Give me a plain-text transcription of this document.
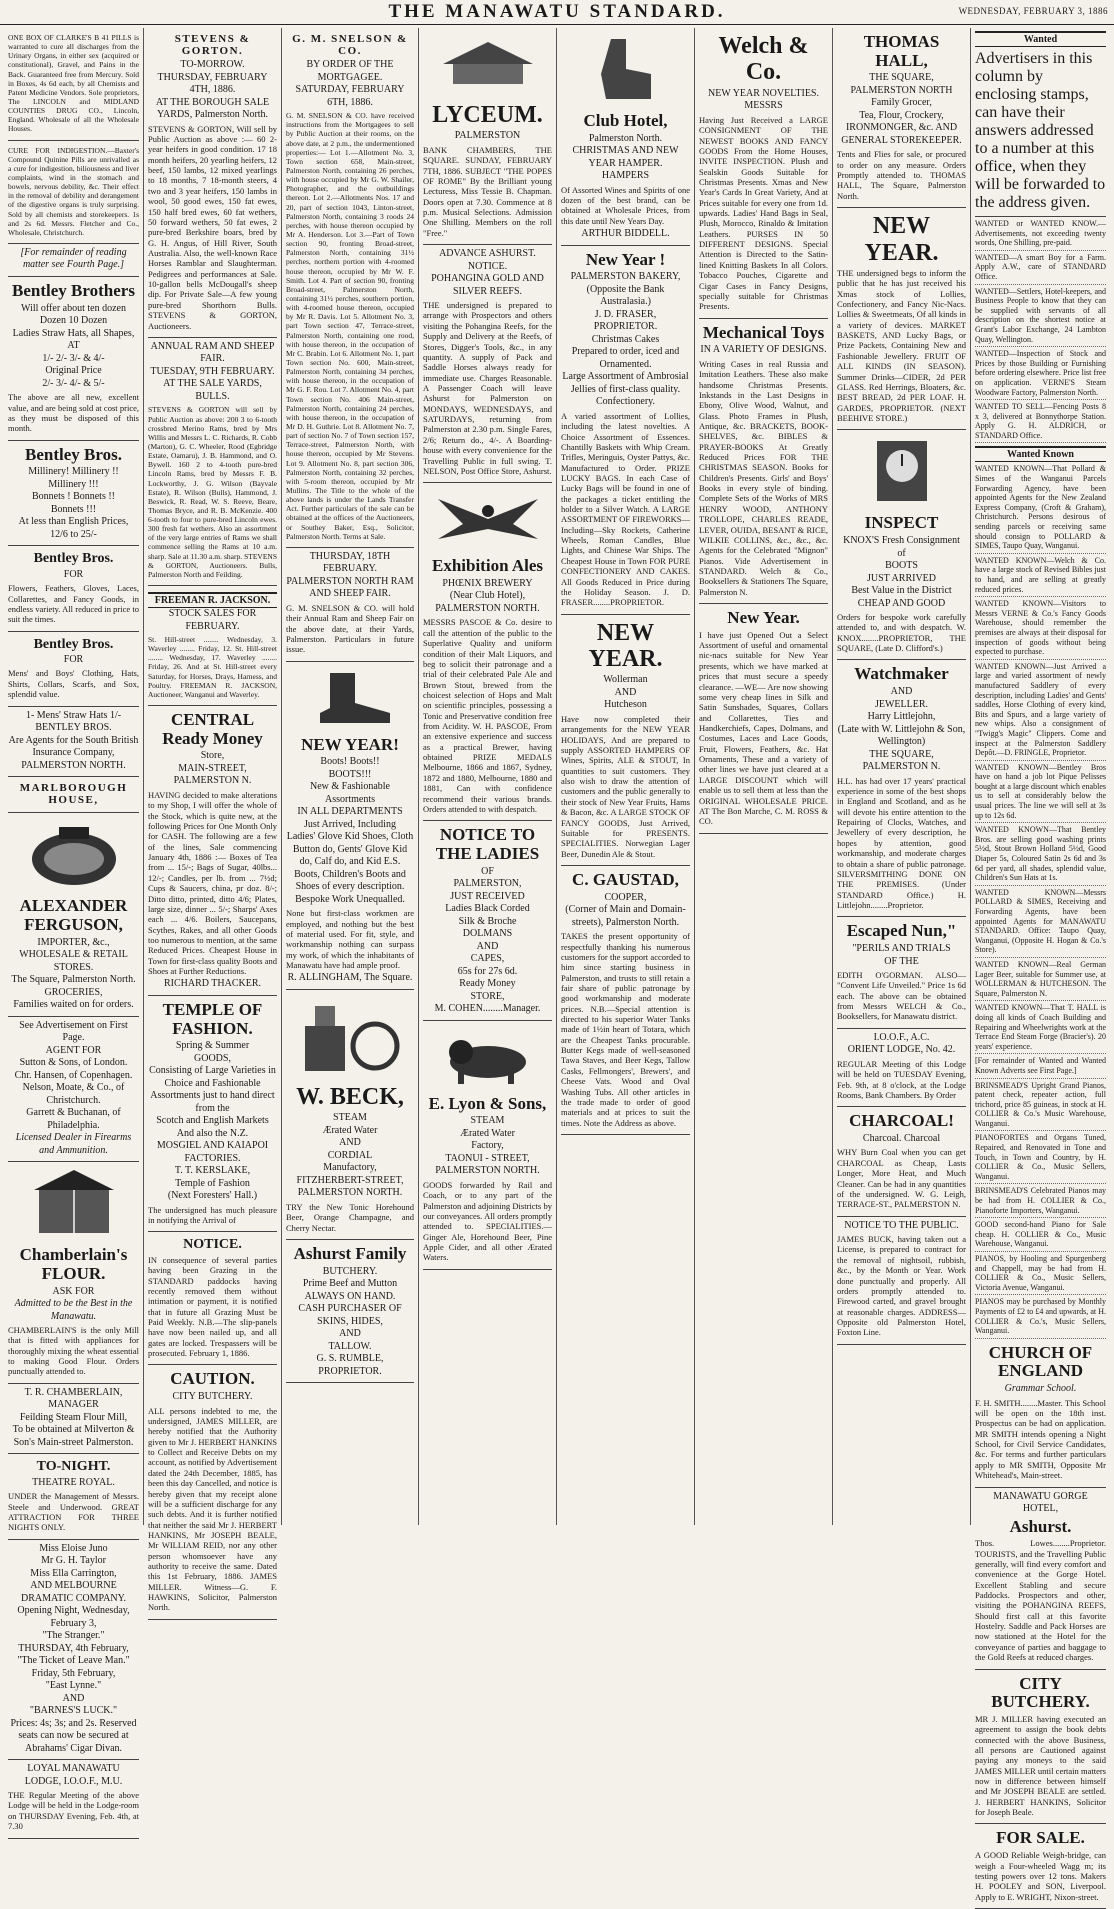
THE MANAWATU STANDARD.	WEDNESDAY, FEBRUARY 3, 1886
ONE BOX OF CLARKE'S B 41 PILLS is warranted to cure all discharges from the Urinary Organs, in either sex (acquired or constitutional), Gravel, and Pains in the Back. Guaranteed free from Mercury. Sold in Boxes, 4s 6d each, by all Chemists and Patent Medicine Vendors. Sole proprietors, The LINCOLN and MIDLAND COUNTIES DRUG CO., Lincoln, England. Wholesale of all the Wholesale Houses.
CURE FOR INDIGESTION.—Baxter's Compound Quinine Pills are unrivalled as a cure for indigestion, biliousness and liver complaints, wind in the stomach and bowels, nervous debility, &c. Their effect in the removal of debility and derangement of the digestive organs is truly surprising. Sold by all chemists and storekeepers. 1s and 2s 6d. Messrs. Fletcher and Co., Wholesale, Christchurch.
[For remainder of reading matter see Fourth Page.]
Bentley Brothers
Will offer about ten dozen
Dozen 10 Dozen
Ladies Straw Hats, all Shapes,
AT
1/- 2/- 3/- & 4/-
Original Price
2/- 3/- 4/- & 5/-
The above are all new, excellent value, and are being sold at cost price, as they must be disposed of this month.
Bentley Bros.
Millinery! Millinery !!
Millinery !!!
Bonnets ! Bonnets !!
Bonnets !!!
At less than English Prices,
12/6 to 25/-
Bentley Bros.
FOR
Flowers, Feathers, Gloves, Laces, Collarettes, and Fancy Goods, in endless variety. All reduced in price to suit the times.
Bentley Bros.
FOR
Mens' and Boys' Clothing, Hats, Shirts, Collars, Scarfs, and Sox, splendid value.
1- Mens' Straw Hats 1/-
BENTLEY BROS.
Are Agents for the South British Insurance Company,
PALMERSTON NORTH.
MARLBOROUGH HOUSE,
ALEXANDER FERGUSON,
IMPORTER, &c.,
WHOLESALE & RETAIL
STORES.
The Square, Palmerston North.
GROCERIES,
Families waited on for orders.
See Advertisement on First Page.
AGENT FOR
Sutton & Sons, of London.
Chr. Hansen, of Copenhagen.
Nelson, Moate, & Co., of Christchurch.
Garrett & Buchanan, of Philadelphia.
Licensed Dealer in Firearms and Ammunition.
Chamberlain's FLOUR.
ASK FOR
Admitted to be the Best in the Manawatu.
CHAMBERLAIN'S is the only Mill that is fitted with appliances for thoroughly mixing the wheat essential to making Good Flour. Orders punctually attended to.
T. R. CHAMBERLAIN,
MANAGER
Feilding Steam Flour Mill,
To be obtained at Milverton & Son's Main-street Palmerston.
TO-NIGHT.
THEATRE ROYAL.
UNDER the Management of Messrs. Steele and Underwood. GREAT ATTRACTION FOR THREE NIGHTS ONLY.
Miss Eloise Juno
Mr G. H. Taylor
Miss Ella Carrington,
AND MELBOURNE DRAMATIC COMPANY.
Opening Night, Wednesday, February 3,
"The Stranger."
THURSDAY, 4th February,
"The Ticket of Leave Man."
Friday, 5th February,
"East Lynne."
AND
"BARNES'S LUCK."
Prices: 4s; 3s; and 2s. Reserved seats can now be secured at Abrahams' Cigar Divan.
LOYAL MANAWATU LODGE, I.O.O.F., M.U.
THE Regular Meeting of the above Lodge will be held in the Lodge-room on THURSDAY Evening, Feb. 4th, at 7.30
STEVENS & GORTON.
TO-MORROW.
THURSDAY, FEBRUARY 4TH, 1886.
AT THE BOROUGH SALE YARDS, Palmerston North.
STEVENS & GORTON, Will sell by Public Auction as above :— 60 2-year heifers in good condition. 17 18 month heifers, 20 yearling heifers, 12 beef, 150 lambs, 12 mixed yearlings to 18 months, 7 18-month steers, 4 two and 3 year heifers, 150 lambs in wool, 50 good ewes, 150 fat ewes, 150 half bred ewes, 60 fat wethers, 50 forward wethers, 50 fat ewes, 2 pure-bred Berkshire boars, bred by G. H. Angus, of Hill River, South Australia. Also, the well-known Race Horses Ramblar and Slaughterman. Pedigrees and performances at Sale. 10-gallon bells McDougall's sheep dip. For Private Sale—A few young pure-bred Shorthorn Bulls. STEVENS & GORTON, Auctioneers.
ANNUAL RAM AND SHEEP FAIR.
TUESDAY, 9TH FEBRUARY.
AT THE SALE YARDS, BULLS.
STEVENS & GORTON will sell by Public Auction as above: 200 3 to 6-tooth crossbred Merino Rams, bred by Mrs Willis and Messrs L. C. Richards, R. Cobb (Marton), G. C. Wheeler, Rood (Egbridge Estate, Oamaru), J. B. Hammond, and O. Bywell. 160 2 to 4-tooth pure-bred Lincoln Rams, bred by Messrs F. B. Lockworthy, J. G. Wilson (Bayvale Estate), R. Wilson (Bulls), Hammond, J. Beswick, R. Read, W. S. Reeve, Beare, Thomas Bryce, and R. B. McKenzie. 400 6-tooth to four to pure-bred Lincoln ewes. 300 fresh fat wethers. Also an assortment of the very large entries of Rams we shall commence selling the Rams at 10 a.m. sharp. Sale at 11.30 a.m. sharp. STEVENS & GORTON, Auctioneers. Bulls, Palmerston North and Feilding.
FREEMAN R. JACKSON.
STOCK SALES FOR FEBRUARY.
St. Hill-street ........ Wednesday, 3. Waverley ........ Friday, 12. St. Hill-street ........ Wednesday, 17. Waverley ........ Friday, 26. And at St. Hill-street every Saturday, for Horses, Drays, Harness, and Poultry. FREEMAN R. JACKSON, Auctioneer, Wanganui and Waverley.
CENTRAL Ready Money
Store,
MAIN-STREET, PALMERSTON N.
HAVING decided to make alterations to my Shop, I will offer the whole of the Stock, which is quite new, at the following Prices for One Month Only for CASH. The following are a few of the lines, Sale commencing January 4th, 1886 :— Boxes of Tea from ... 15/-; Bags of Sugar, 40lbs... 12/-; Candles, per lb. from ... 7½d; Cups & Saucers, china, pr doz. 8/-; Ditto ditto, printed, ditto 4/6; Plates, large size, dinner ... 5/-; Sharps' Axes each ... 4/6. Boilers, Saucepans, Scythes, Rakes, and all other Goods too numerous to mention, at the same Reduced Prices. Cheapest House in Town for first-class quality Boots and Shoes at Further Reductions.
RICHARD THACKER.
TEMPLE OF FASHION.
Spring & Summer
GOODS,
Consisting of Large Varieties in Choice and Fashionable Assortments just to hand direct from the
Scotch and English Markets
And also the N.Z.
MOSGIEL AND KAIAPOI FACTORIES.
T. T. KERSLAKE,
Temple of Fashion
(Next Foresters' Hall.)
The undersigned has much pleasure in notifying the Arrival of
NOTICE.
IN consequence of several parties having been Grazing in the STANDARD paddocks having recently removed them without intimation or payment, it is notified that in future all Grazing Must be Paid Weekly. N.B.—The slip-panels have now been nailed up, and all gates are locked. Trespassers will be prosecuted. February 1, 1886.
CAUTION.
CITY BUTCHERY.
ALL persons indebted to me, the undersigned, JAMES MILLER, are hereby notified that the Authority given to Mr J. HERBERT HANKINS to Collect and Receive Debts on my account, as notified by Advertisement dated the 24th December, 1885, has been this day Cancelled, and notice is hereby given that my receipt alone will be a sufficient discharge for any such debts. And it is further notified that neither the said Mr J. HERBERT HANKINS, Mr JOSEPH BEALE, Mr WILLIAM REID, nor any other person whomsoever have any authority to receive the same. Dated this 1st February, 1886. JAMES MILLER. Witness—G. F. HAWKINS, Solicitor, Palmerston North.
G. M. SNELSON & CO.
BY ORDER OF THE MORTGAGEE.
SATURDAY, FEBRUARY 6TH, 1886.
G. M. SNELSON & CO. have received instructions from the Mortgagees to sell by Public Auction at their rooms, on the above date, at 2 p.m., the undermentioned properties:— Lot 1.—Allotment No. 3, Town section 658, Main-street, Palmerston North, containing 26 perches, with house occupied by Mr G. W. Shailer, Photographer, and the outbuildings thereon. Lot 2.—Allotments Nos. 17 and 20, part of section 1043, Linton-street, Palmerston North, containing 3 roods 24 perches, with house thereon occupied by Mr A. Henderson. Lot 3.—Part of Town section 90, fronting Broad-street, Palmerston North, containing 31½ perches, northern portion with 4-roomed house thereon, occupied by Mr W. F. Smith. Lot 4. Part of section 90, fronting Broad-street, Palmerston North, containing 31½ perches, southern portion, with 4-roomed house thereon, occupied by Mr R. Davis. Lot 5. Allotment No. 3, part Town section 47, Terrace-street, Palmerston North, containing one rood, with house thereon, in the occupation of Mr C. Brabin. Lot 6. Allotment No. 1, part Town section No. 600, Main-street, Palmerston North, containing 34 perches, with house thereon, in the occupation of Mr G. F. Rou. Lot 7. Allotment No. 4, part Town section No. 406 Main-street, Palmerston North, containing 24 perches, with house thereon, in the occupation of Mr D. H. Guthrie. Lot 8. Allotment No. 7, part of section No. 7 of Town section 157, Terrace-street, Palmerston North, with house thereon, occupied by Mr Stevens. Lot 9. Allotment No. 8, part section 306, Palmerston North, containing 32 perches, with 5-room thereon, occupied by Mr Mullins. The Title to the whole of the above lands is under the Lands Transfer Act. Further particulars of the sale can be obtained at the offices of the Auctioneers, or Southey Baker, Esq., Solicitor, Palmerston North. Terms at Sale.
THURSDAY, 18TH FEBRUARY.
PALMERSTON NORTH RAM AND SHEEP FAIR.
G. M. SNELSON & CO. will hold their Annual Ram and Sheep Fair on the above date, at their Yards, Palmerston. Particulars in future issue.
NEW YEAR!
Boots! Boots!!
BOOTS!!!
New & Fashionable Assortments
IN ALL DEPARTMENTS
Just Arrived, Including
Ladies' Glove Kid Shoes, Cloth Button do, Gents' Glove Kid do, Calf do, and Kid E.S. Boots, Children's Boots and Shoes of every description.
Bespoke Work Unequalled.
None but first-class workmen are employed, and nothing but the best of material used. For fit, style, and workmanship nothing can surpass my work, of which the inhabitants of Manawatu have had ample proof.
R. ALLINGHAM, The Square.
W. BECK,
STEAM
Ærated Water
AND
CORDIAL
Manufactory,
FITZHERBERT-STREET,
PALMERSTON NORTH.
TRY the New Tonic Horehound Beer, Orange Champagne, and Cherry Nectar.
Ashurst Family
BUTCHERY.
Prime Beef and Mutton
ALWAYS ON HAND.
CASH PURCHASER OF
SKINS, HIDES,
AND
TALLOW.
G. S. RUMBLE,
PROPRIETOR.
LYCEUM.
PALMERSTON
BANK CHAMBERS, THE SQUARE. SUNDAY, FEBRUARY 7TH, 1886. SUBJECT "THE POPES OF ROME" By the Brilliant young Lecturess, Miss Tessie B. Chapman. Doors open at 7.30. Commence at 8 p.m. Musical Selections. Admission One Shilling. Members on the roll "Free."
ADVANCE ASHURST.
NOTICE.
POHANGINA GOLD AND SILVER REEFS.
THE undersigned is prepared to arrange with Prospectors and others visiting the Pohangina Reefs, for the Supply and Delivery at the Reefs, of Stores, Digger's Tools, &c., in any quantity. A supply of Pack and Saddle Horses always ready for immediate use. Charges Reasonable. A Passenger Coach will leave Ashurst for Palmerston on MONDAYS, WEDNESDAYS, and SATURDAYS, returning from Palmerston at 2.30 p.m. Single Fares, 2/6; Return do., 4/-. A Boarding-house with every convenience for the Travelling Public in full swing. T. NELSON, Post Office Store, Ashurst.
Exhibition Ales
PHŒNIX BREWERY
(Near Club Hotel),
PALMERSTON NORTH.
MESSRS PASCOE & Co. desire to call the attention of the public to the Superlative Quality and uniform condition of their Malt Liquors, and beg to solicit their patronage and a trial of their celebrated Pale Ale and Brown Stout, brewed from the choicest selection of Hops and Malt on scientific principles, possessing a Tonic and Preservative condition free from Acidity. W. H. PASCOE, From an extensive experience and success as a practical Brewer, having obtained PRIZE MEDALS Melbourne, 1866 and 1867, Sydney, 1872 and 1880, Melbourne, 1880 and 1881, Can with confidence recommend their various brands. Orders attended to with despatch.
NOTICE TO THE LADIES
OF
PALMERSTON,
JUST RECEIVED
Ladies Black Corded
Silk & Broche
DOLMANS
AND
CAPES,
65s for 27s 6d.
Ready Money
STORE,
M. COHEN........Manager.
E. Lyon & Sons,
STEAM
Ærated Water
Factory,
TAONUI - STREET,
PALMERSTON NORTH.
GOODS forwarded by Rail and Coach, or to any part of the Palmerston and adjoining Districts by our conveyances. All orders promptly attended to. SPECIALITIES.—Ginger Ale, Horehound Beer, Pine Apple Cider, and all other Ærated Waters.
Club Hotel,
Palmerston North.
CHRISTMAS AND NEW YEAR HAMPER.
HAMPERS
Of Assorted Wines and Spirits of one dozen of the best brand, can be obtained at Wholesale Prices, from this date until New Years Day.
ARTHUR BIDDELL.
New Year !
PALMERSTON BAKERY,
(Opposite the Bank Australasia.)
J. D. FRASER,
PROPRIETOR.
Christmas Cakes
Prepared to order, iced and Ornamented.
Large Assortment of Ambrosial Jellies of first-class quality.
Confectionery.
A varied assortment of Lollies, including the latest novelties. A Choice Assortment of Essences. Chantilly Baskets with Whip Cream. Trifles, Meringuis, Oyster Pattys, &c. Manufactured to Order. PRIZE LUCKY BAGS. In each Case of Lucky Bags will be found in one of the packages a ticket entitling the holder to a Silver Watch. A LARGE ASSORTMENT OF FIREWORKS—Including—Sky Rockets, Catherine Wheels, Roman Candles, Blue Lights, and Chinese War Ships. The Cheapest House in Town FOR PURE CONFECTIONERY AND CAKES. All Goods Reduced in Price during the Holiday Season. J. D. FRASER........PROPRIETOR.
NEW YEAR.
Wollerman
AND
Hutcheson
Have now completed their arrangements for the NEW YEAR HOLIDAYS, And are prepared to supply ASSORTED HAMPERS OF Wines, Spirits, ALE & STOUT, In quantities to suit customers. They also wish to draw the attention of customers and the public generally to their stock of New Year Fruits, Hams & Bacon, &c. A LARGE STOCK OF FANCY GOODS, Just Arrived, Suitable for PRESENTS. SPECIALITIES. Norwegian Lager Beer, Dunedin Ale & Stout.
C. GAUSTAD,
COOPER,
(Corner of Main and Domain-streets), Palmerston North.
TAKES the present opportunity of respectfully thanking his numerous customers for the support accorded to him since starting business in Palmerston, and trusts to still retain a fair share of public patronage by good workmanship and moderate prices. N.B.—Special attention is directed to his superior Water Tanks made of 1½in heart of Totara, which are the Cheapest Tanks procurable. Butter Kegs made of well-seasoned Tawa Staves, and Beer Kegs, Tallow Casks, Fellmongers', Brewers', and Cheese Vats. Wood and Oval Washing Tubs. All other articles in the trade made to order of good materials and at prices to suit the times. Note the Address as above.
Welch & Co.
NEW YEAR NOVELTIES.
MESSRS
Having Just Received a LARGE CONSIGNMENT OF THE NEWEST BOOKS AND FANCY GOODS From the Home Houses, INVITE INSPECTION. Plush and Sealskin Goods Suitable for Christmas Presents. Xmas and New Year's Cards In Great Variety, And at Prices suitable for every one from 1d. upwards. Ladies' Hand Bags in Seal, Plush, Morocco, Rinaldo & Imitation Leathers. PURSES IN 50 DIFFERENT DESIGNS. Special Attention is Directed to the Satin-lined Knitting Baskets In all Colors. Tobacco Pouches, Cigarette and Cigar Cases in Fancy Designs, specially suitable for Christmas Presents.
Mechanical Toys
IN A VARIETY OF DESIGNS.
Writing Cases in real Russia and Imitation Leathers. These also make handsome Christmas Presents. Inkstands in the Last Designs in Ebony, Olive Wood, Walnut, and Glass. Photo Frames in Plush, Antique, &c. BRACKETS, BOOK-SHELVES, &c. BIBLES & PRAYER-BOOKS At Greatly Reduced Prices FOR THE CHRISTMAS SEASON. Books for Children's Presents. Girls' and Boys' Books in every style of binding. Complete Sets of the Works of MRS HENRY WOOD, ANTHONY TROLLOPE, CHARLES READE, LEVER, OUIDA, BESANT & RICE, WILKIE COLLINS, &c., &c., &c. Agents for the Celebrated "Mignon" Pianos. Vide Advertisement in STANDARD. Welch & Co., Booksellers & Stationers The Square, Palmerston N.
New Year.
I have just Opened Out a Select Assortment of useful and ornamental nic-nacs suitable for New Year presents, which we have marked at prices that must secure a speedy clearance. —WE— Are now showing some very cheap lines in Silk and Satin Sunshades, Squares, Collars and Collarettes, Ties and Handkerchiefs, Capes, Dolmans, and Costumes, Laces and Lace Goods, Fruit, Flowers, Feathers, &c. Hat Ornaments, These and a variety of other lines we have just cleared at a LARGE DISCOUNT which will enable us to sell them at less than the ORIGINAL WHOLESALE PRICE. AT The Bon Marche, C. M. ROSS & CO.
THOMAS HALL,
THE SQUARE, PALMERSTON NORTH
Family Grocer,
Tea, Flour, Crockery,
IRONMONGER, &c. AND GENERAL STOREKEEPER.
Tents and Flies for sale, or procured to order on any measure. Orders Promptly attended to. THOMAS HALL, The Square, Palmerston North.
NEW YEAR.
THE undersigned begs to inform the public that he has just received his Xmas stock of Lollies, Confectionery, and Fancy Nic-Nacs. Lollies & Sweetmeats, Of all kinds in a variety of devices. MARKET BASKETS, AND Lucky Bags, or Prize Packets, Containing New and Fashionable Jewellery. FRUIT OF ALL KINDS (IN SEASON). Summer Drinks—CIDER, 2d PER GLASS. Red Herrings, Bloaters, &c. BEST BREAD, 2d PER LOAF. H. GARDES, PROPRIETOR. (NEXT BEEHIVE STORE.)
INSPECT
KNOX'S Fresh Consignment
of
BOOTS
JUST ARRIVED
Best Value in the District
CHEAP AND GOOD
Orders for bespoke work carefully attended to, and with despatch. W. KNOX........PROPRIETOR, THE SQUARE, (Late D. Clifford's.)
Watchmaker
AND
JEWELLER.
Harry Littlejohn,
(Late with W. Littlejohn & Son, Wellington)
THE SQUARE, PALMERSTON N.
H.L. has had over 17 years' practical experience in some of the best shops in England and Scotland, and as he will devote his entire attention to the Repairing of Clocks, Watches, and Jewellery of every description, he hopes by attention, good workmanship, and moderate charges to obtain a share of public patronage. SILVERSMITHING DONE ON THE PREMISES. (Under STANDARD Office.) H. Littlejohn........Proprietor.
Escaped Nun,"
"PERILS AND TRIALS
OF THE
EDITH O'GORMAN. ALSO— "Convent Life Unveiled." Price 1s 6d each. The above can be obtained from Messrs WELCH & Co., Booksellers, for Manawatu district.
I.O.O.F., A.C.
ORIENT LODGE, No. 42.
REGULAR Meeting of this Lodge will be held on TUESDAY Evening, Feb. 9th, at 8 o'clock, at the Lodge Rooms, Bank Chambers. By Order
CHARCOAL!
Charcoal. Charcoal
WHY Burn Coal when you can get CHARCOAL as Cheap, Lasts Longer, More Heat, and Much Cleaner. Can be had in any quantities of the undersigned. W. G. Leigh, TERRACE-ST., PALMERSTON N.
NOTICE TO THE PUBLIC.
JAMES BUCK, having taken out a License, is prepared to contract for the removal of nightsoil, rubbish, &c., by the Month or Year. Work done punctually and properly. All orders promptly attended to. Firewood carted, and gravel brought at reasonable charges. ADDRESS—Opposite old Palmerston Hotel, Foxton Line.
Wanted
Advertisers in this column by enclosing stamps, can have their answers addressed to a number at this office, when they will be forwarded to the address given.
WANTED or WANTED KNOW.—Advertisements, not exceeding twenty words, One Shilling, pre-paid.
WANTED—A smart Boy for a Farm. Apply A.W., care of STANDARD Office.
WANTED—Settlers, Hotel-keepers, and Business People to know that they can be supplied with servants of all description on the shortest notice at Grant's Labor Exchange, 24 Lambton Quay, Wellington.
WANTED—Inspection of Stock and Prices by those Building or Furnishing before ordering elsewhere. Price list free on application. VERNE'S Steam Woodware Factory, Palmerston North.
WANTED TO SELL—Fencing Posts 8 x 3, delivered at Bonnythorpe Station. Apply G. H. ALDRICH, or STANDARD Office.
Wanted Known
WANTED KNOWN—That Pollard & Simes of the Wanganui Parcels Forwarding Agency, have been appointed Agents for the New Zealand Express Company, (Croft & Graham), Christchurch. Persons desirous of sending parcels or receiving same should consign to POLLARD & SIMES, Taupo Quay, Wanganui.
WANTED KNOWN—Welch & Co. have a large stock of Revised Bibles just to hand, and are selling at greatly reduced prices.
WANTED KNOWN—Visitors to Messrs VERNE & Co.'s Fancy Goods Warehouse, should remember the premises are always at their disposal for inspection of goods without being expected to purchase.
WANTED KNOWN—Just Arrived a large and varied assortment of newly manufactured Saddlery of every description, including Ladies' and Gents' saddles, Horse Clothing of every kind, Bits and Spurs, and a large variety of new whips. Also a consignment of "Twigg's Magic" Clippers. Come and inspect at the Palmerston Saddlery Depôt.—D. FRINGLE, Proprietor.
WANTED KNOWN—Bentley Bros have on hand a job lot Pique Pelisses bought at a large discount which enables us to sell at considerably below the usual prices. The line we will sell at 3s up to 12s 6d.
WANTED KNOWN—That Bentley Bros. are selling good washing prints 5½d, Stout Brown Holland 5½d, Good Diaper 5s, Coloured Satin 2s 6d and 3s 6d per yard, all shades, splendid value, Children's Sun Hats at 1s.
WANTED KNOWN—Messrs POLLARD & SIMES, Receiving and Forwarding Agents, have been appointed Agents for MANAWATU STANDARD. Office: Taupo Quay, Wanganui, (Opposite H. Hogan & Co.'s Store).
WANTED KNOWN—Real German Lager Beer, suitable for Summer use, at WOLLERMAN & HUTCHESON. The Square, Palmerston N.
WANTED KNOWN—That T. HALL is doing all kinds of Coach Building and Repairing and Wheelwrights work at the Terrace End Steam Forge (Bracier's). 20 years' experience.
[For remainder of Wanted and Wanted Known Adverts see First Page.]
BRINSMEAD'S Upright Grand Pianos, patent check, repeater action, full trichord, price 85 guineas, in stock at H. COLLIER & Co.'s Music Warehouse, Wanganui.
PIANOFORTES and Organs Tuned, Repaired, and Renovated in Tone and Touch, in Town and Country, by H. COLLIER & Co., Music Sellers, Wanganui.
BRINSMEAD'S Celebrated Pianos may be had from H. COLLIER & Co., Pianoforte Importers, Wanganui.
GOOD second-hand Piano for Sale cheap. H. COLLIER & Co., Music Warehouse, Wanganui.
PIANOS, by Hooling and Spurgenberg and Chappell, may be had from H. COLLIER & Co., Music Sellers, Victoria Avenue, Wanganui.
PIANOS may be purchased by Monthly Payments of £2 to £4 and upwards, at H. COLLIER & Co.'s, Music Sellers, Wanganui.
CHURCH OF ENGLAND
Grammar School.
F. H. SMITH........Master. This School will be open on the 18th inst. Prospectus can be had on application. MR SMITH intends opening a Night School, for Civil Service Candidates, &c. For terms and further particulars apply to MR SMITH, Opposite Mr Whitehead's, Main-street.
MANAWATU GORGE HOTEL,
Ashurst.
Thos. Lowes........Proprietor. TOURISTS, and the Travelling Public generally, will find every comfort and convenience at the Gorge Hotel. Excellent Stabling and secure Paddocks. Prospectors and other, visiting the POHANGINA REEFS, Should first call at this favorite Hostelry. Saddle and Pack Horses are now stationed at the Hotel for the conveyance of parties and baggage to the Gold Reefs at reduced charges.
CITY BUTCHERY.
MR J. MILLER having executed an agreement to assign the book debts connected with the above Business, all persons are Cautioned against paying any moneys to the said JAMES MILLER until certain matters now in difference between himself and Mr JOSEPH BEALE are settled. J. HERBERT HANKINS, Solicitor for Joseph Beale.
FOR SALE.
A GOOD Reliable Weigh-bridge, can weigh a Four-wheeled Wagg m; its testing powers over 12 tons. Makers H. POOLEY and SON, Liverpool. Apply to E. WRIGHT, Nixon-street.
